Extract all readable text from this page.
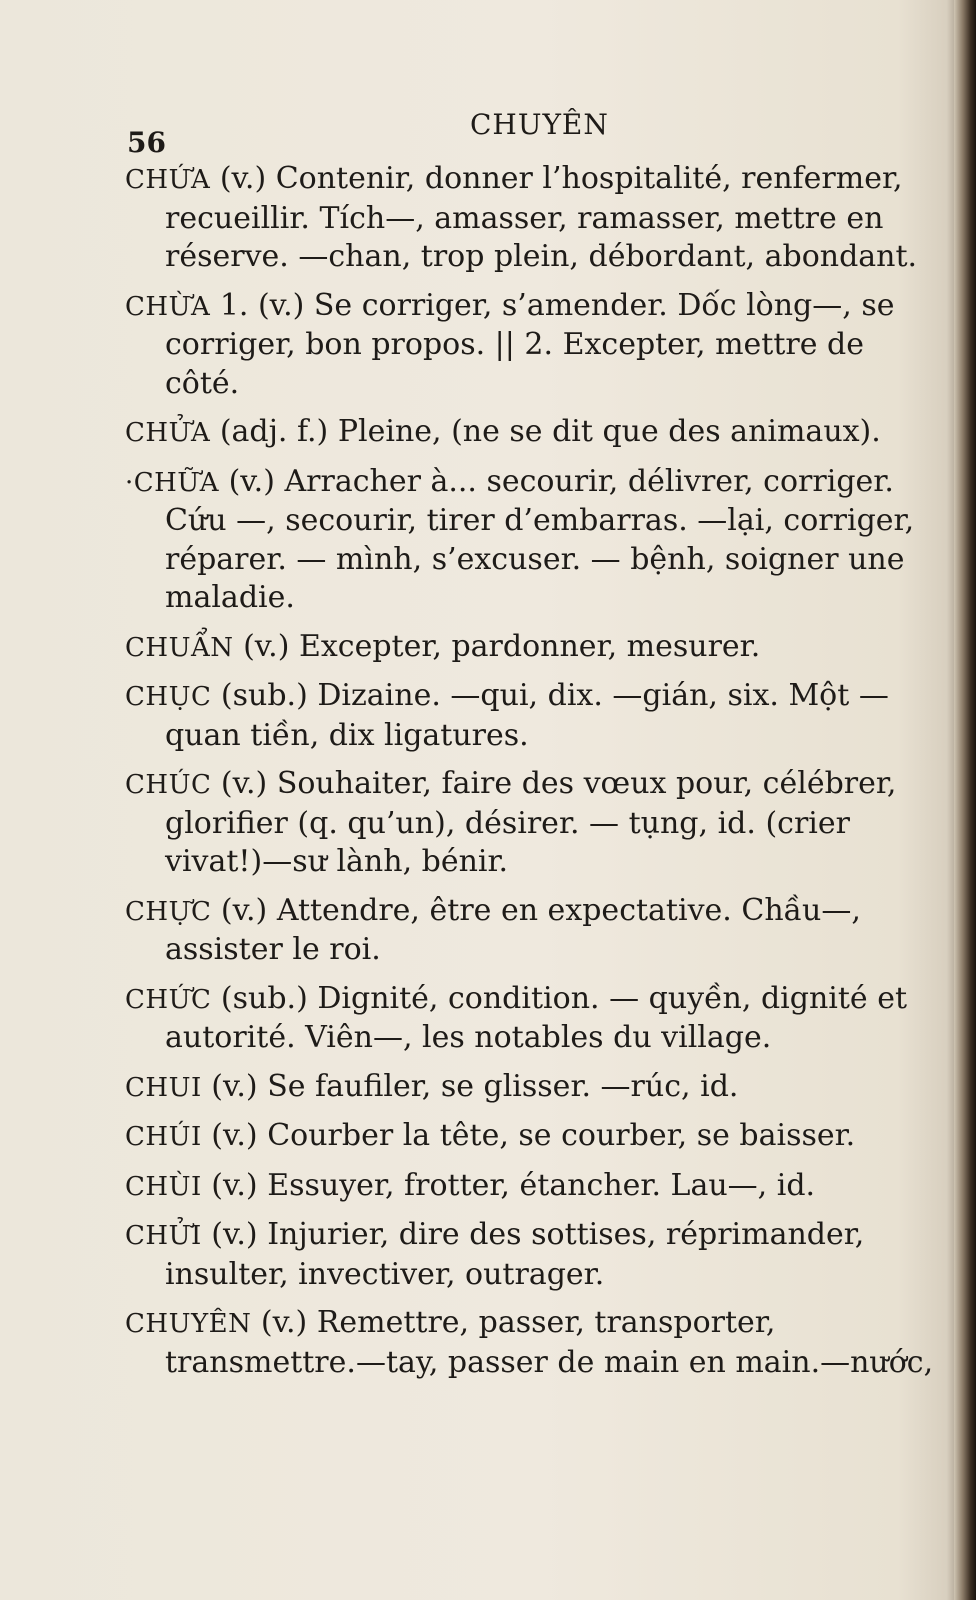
56
CHUYÊN

CHỨA (v.) Contenir, donner l’hospitalité, renfermer, recueillir. Tích—, amasser, ramasser, mettre en réserve. —chan, trop plein, débordant, abondant.

CHỪA 1. (v.) Se corriger, s’amender. Dốc lòng—, se corriger, bon propos. || 2. Excepter, mettre de côté.

CHỬA (adj. f.) Pleine, (ne se dit que des animaux).

·CHỮA (v.) Arracher à... secourir, délivrer, corriger. Cứu —, secourir, tirer d’embarras. —lại, corriger, réparer. — mình, s’excuser. — bệnh, soigner une maladie.

CHUẨN (v.) Excepter, pardonner, mesurer.

CHỤC (sub.) Dizaine. —qui, dix. —gián, six. Một — quan tiền, dix ligatures.

CHÚC (v.) Souhaiter, faire des vœux pour, célébrer, glorifier (q. qu’un), désirer. — tụng, id. (crier vivat!)—sư lành, bénir.

CHỰC (v.) Attendre, être en expectative. Chầu—, assister le roi.

CHỨC (sub.) Dignité, condition. — quyền, dignité et autorité. Viên—, les notables du village.

CHUI (v.) Se faufiler, se glisser. —rúc, id.

CHÚI (v.) Courber la tête, se courber, se baisser.

CHÙI (v.) Essuyer, frotter, étancher. Lau—, id.

CHỬI (v.) Injurier, dire des sottises, réprimander, insulter, invectiver, outrager.

CHUYÊN (v.) Remettre, passer, transporter, transmettre.—tay, passer de main en main.—nước,
